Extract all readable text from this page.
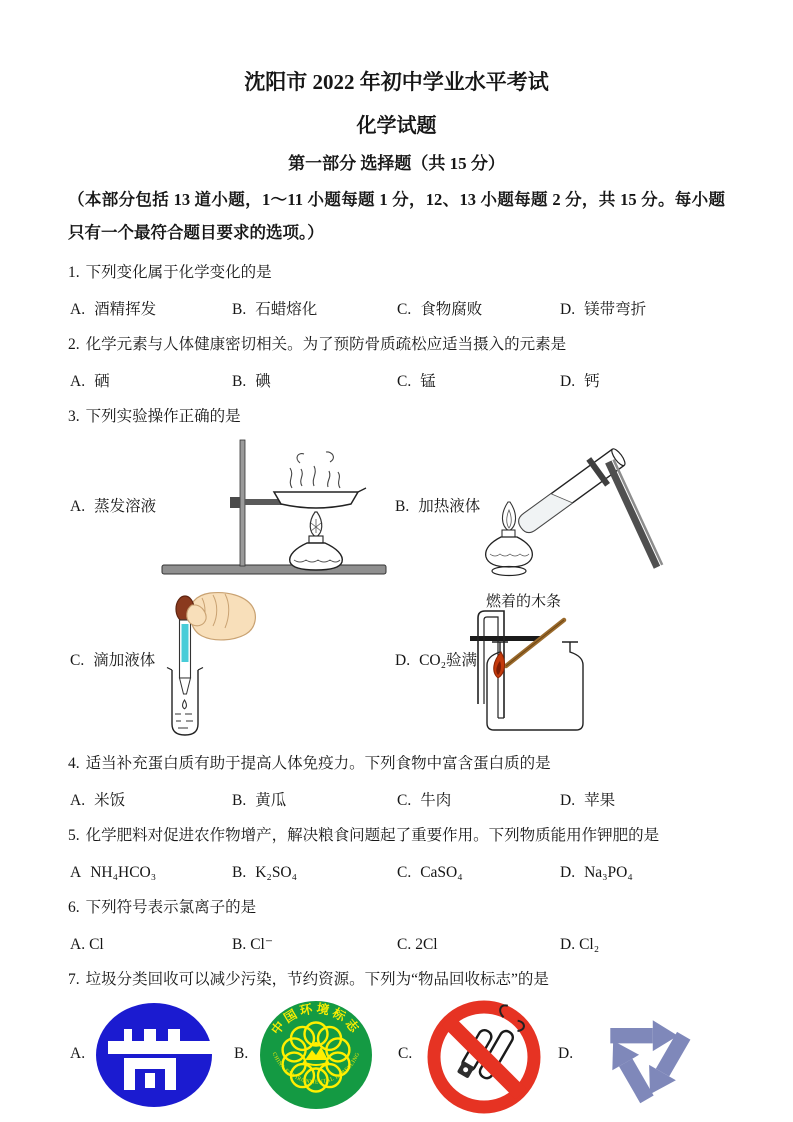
沈阳市 2022 年初中学业水平考试
化学试题
第一部分 选择题（共 15 分）
（本部分包括 13 道小题，1～11 小题每题 1 分，12、13 小题每题 2 分，共 15 分。每小题只有一个最符合题目要求的选项。）
1. 下列变化属于化学变化的是
A. 酒精挥发	B. 石蜡熔化	C. 食物腐败	D. 镁带弯折
2. 化学元素与人体健康密切相关。为了预防骨质疏松应适当摄入的元素是
A. 硒	B. 碘	C. 锰	D. 钙
3. 下列实验操作正确的是
A. 蒸发溶液	B. 加热液体
C. 滴加液体	D. CO₂验满
燃着的木条
4. 适当补充蛋白质有助于提高人体免疫力。下列食物中富含蛋白质的是
A. 米饭	B. 黄瓜	C. 牛肉	D. 苹果
5. 化学肥料对促进农作物增产，解决粮食问题起了重要作用。下列物质能用作钾肥的是
A NH₄HCO₃	B. K₂SO₄	C. CaSO₄	D. Na₃PO₄
6. 下列符号表示氯离子的是
A. Cl	B. Cl⁻	C. 2Cl	D. Cl₂
7. 垃圾分类回收可以减少污染，节约资源。下列为“物品回收标志”的是
A.	B.
中国环境标志
CHINA ENVIRONMENTAL LABELLING C.	D.
